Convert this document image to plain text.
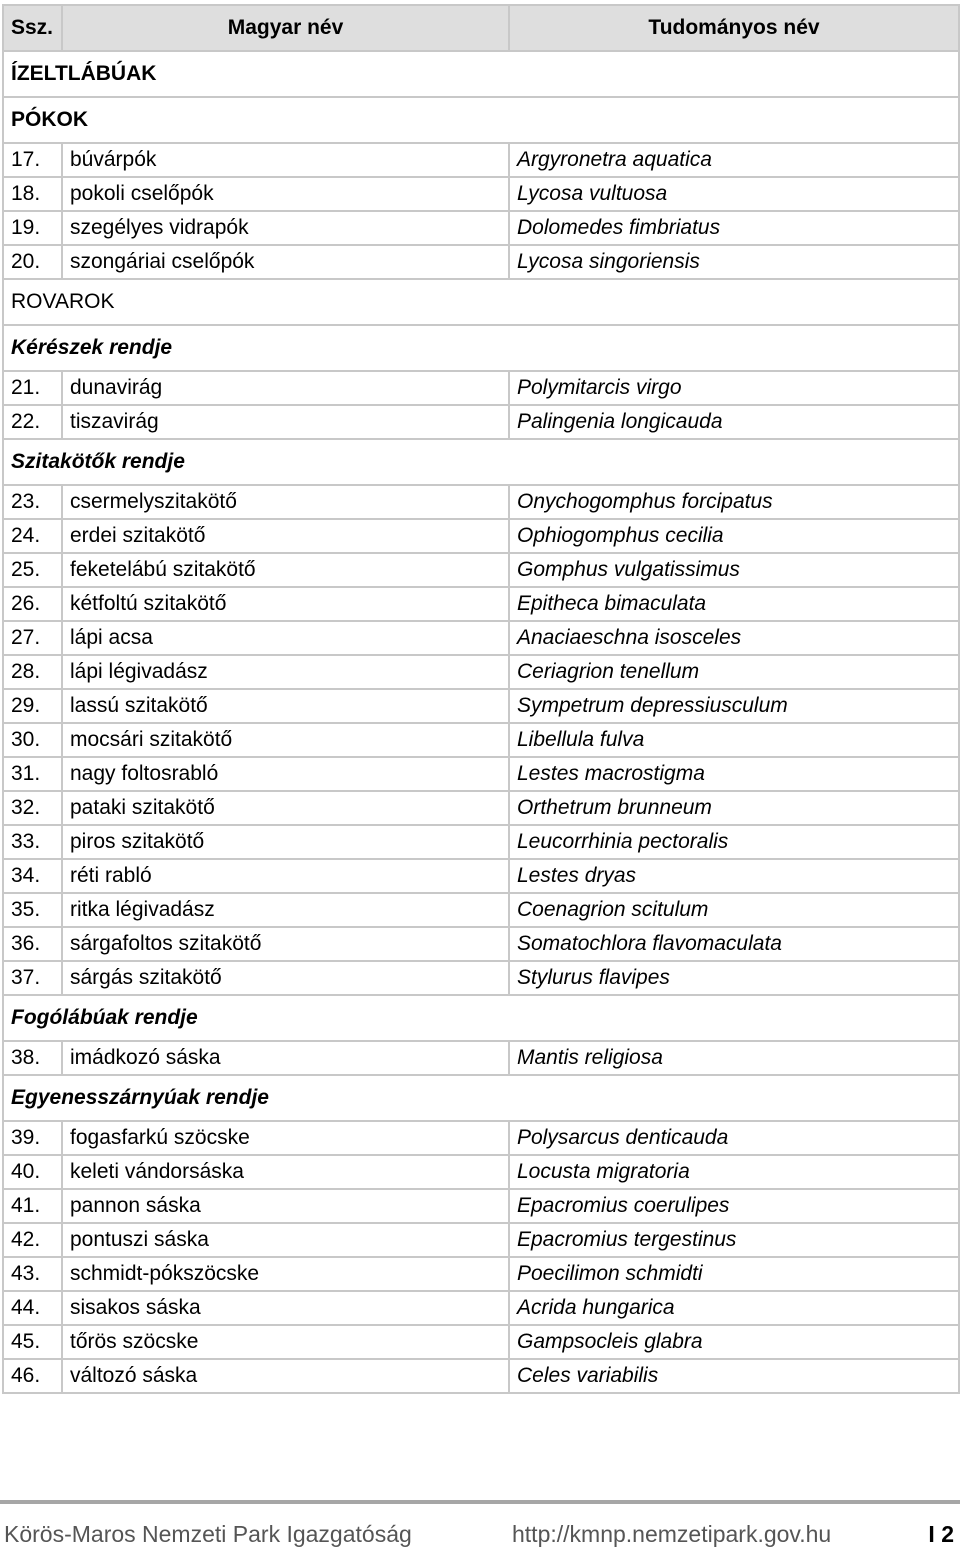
Ssz.	Magyar név	Tudományos név
ÍZELTLÁBÚAK		
PÓKOK		
17.	búvárpók	Argyronetra aquatica
18.	pokoli cselőpók	Lycosa vultuosa
19.	szegélyes vidrapók	Dolomedes fimbriatus
20.	szongáriai cselőpók	Lycosa singoriensis
ROVAROK		
Kérészek rendje		
21.	dunavirág	Polymitarcis virgo
22.	tiszavirág	Palingenia longicauda
Szitakötők rendje		
23.	csermelyszitakötő	Onychogomphus forcipatus
24.	erdei szitakötő	Ophiogomphus cecilia
25.	feketelábú szitakötő	Gomphus vulgatissimus
26.	kétfoltú szitakötő	Epitheca bimaculata
27.	lápi acsa	Anaciaeschna isosceles
28.	lápi légivadász	Ceriagrion tenellum
29.	lassú szitakötő	Sympetrum depressiusculum
30.	mocsári szitakötő	Libellula fulva
31.	nagy foltosrabló	Lestes macrostigma
32.	pataki szitakötő	Orthetrum brunneum
33.	piros szitakötő	Leucorrhinia pectoralis
34.	réti rabló	Lestes dryas
35.	ritka légivadász	Coenagrion scitulum
36.	sárgafoltos szitakötő	Somatochlora flavomaculata
37.	sárgás szitakötő	Stylurus flavipes
Fogólábúak rendje		
38.	imádkozó sáska	Mantis religiosa
Egyenesszárnyúak rendje		
39.	fogasfarkú szöcske	Polysarcus denticauda
40.	keleti vándorsáska	Locusta migratoria
41.	pannon sáska	Epacromius coerulipes
42.	pontuszi sáska	Epacromius tergestinus
43.	schmidt-pókszöcske	Poecilimon schmidti
44.	sisakos sáska	Acrida hungarica
45.	tőrös szöcske	Gampsocleis glabra
46.	változó sáska	Celes variabilis
Körös-Maros Nemzeti Park Igazgatóság	http://kmnp.nemzetipark.gov.hu	I 2
